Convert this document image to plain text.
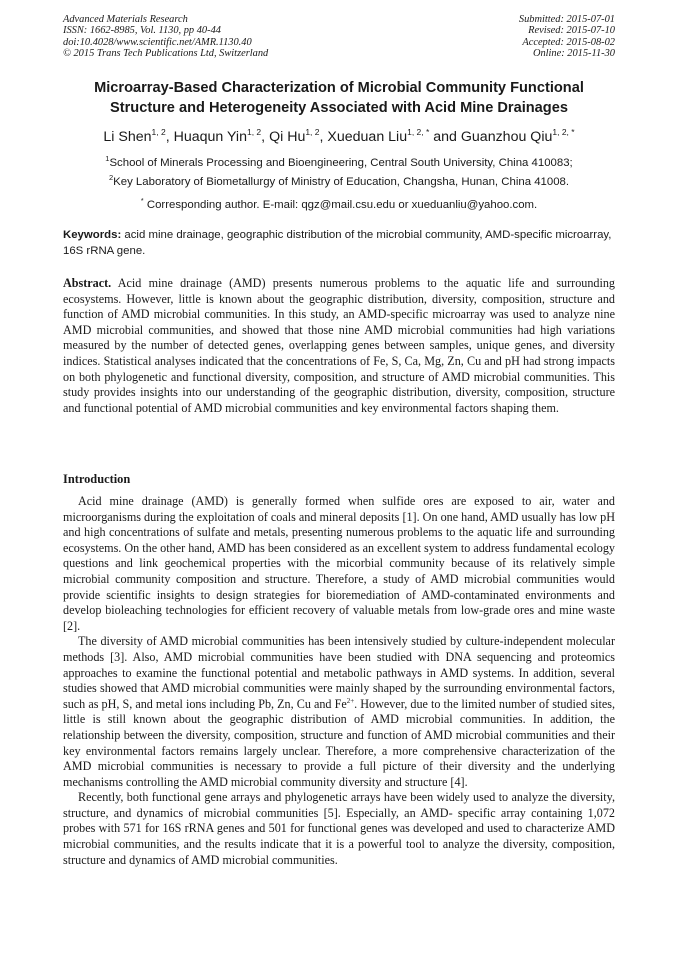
Advanced Materials Research
ISSN: 1662-8985, Vol. 1130, pp 40-44
doi:10.4028/www.scientific.net/AMR.1130.40
© 2015 Trans Tech Publications Ltd, Switzerland
Submitted: 2015-07-01
Revised: 2015-07-10
Accepted: 2015-08-02
Online: 2015-11-30
Microarray-Based Characterization of Microbial Community Functional
Structure and Heterogeneity Associated with Acid Mine Drainages
Li Shen$^{1, 2}$, Huaqun Yin$^{1, 2}$, Qi Hu$^{1, 2}$, Xueduan Liu$^{1, 2, *}$ and Guanzhou Qiu$^{1, 2, *}$
$^1$School of Minerals Processing and Bioengineering, Central South University, China 410083;
$^2$Key Laboratory of Biometallurgy of Ministry of Education, Changsha, Hunan, China 41008.
* Corresponding author. E-mail: qgz@mail.csu.edu or xueduanliu@yahoo.com.
Keywords: acid mine drainage, geographic distribution of the microbial community, AMD-specific microarray, 16S rRNA gene.
Abstract. Acid mine drainage (AMD) presents numerous problems to the aquatic life and surrounding ecosystems. However, little is known about the geographic distribution, diversity, composition, structure and function of AMD microbial communities. In this study, an AMD-specific microarray was used to analyze nine AMD microbial communities, and showed that those nine AMD microbial communities had high variations measured by the number of detected genes, overlapping genes between samples, unique genes, and diversity indices. Statistical analyses indicated that the concentrations of Fe, S, Ca, Mg, Zn, Cu and pH had strong impacts on both phylogenetic and functional diversity, composition, and structure of AMD microbial communities. This study provides insights into our understanding of the geographic distribution, diversity, composition, structure and functional potential of AMD microbial communities and key environmental factors shaping them.
Introduction

Acid mine drainage (AMD) is generally formed when sulfide ores are exposed to air, water and microorganisms during the exploitation of coals and mineral deposits [1]. On one hand, AMD usually has low pH and high concentrations of sulfate and metals, presenting numerous problems to the aquatic life and surrounding ecosystems. On the other hand, AMD has been considered as an excellent system to address fundamental ecology questions and link geochemical properties with the micorbial community because of its relatively simple microbial community composition and structure. Therefore, a study of AMD microbial communities would provide scientific insights to design strategies for bioremediation of AMD-contaminated environments and develop bioleaching technologies for efficient recovery of valuable metals from low-grade ores and mine waste [2].

The diversity of AMD microbial communities has been intensively studied by culture-independent molecular methods [3]. Also, AMD microbial communities have been studied with DNA sequencing and proteomics approaches to examine the functional potential and metabolic pathways in AMD systems. In addition, several studies showed that AMD microbial communities were mainly shaped by the surrounding environmental factors, such as pH, S, and metal ions including Pb, Zn, Cu and $Fe^{2+}$. However, due to the limited number of studied sites, little is still known about the geographic distribution of AMD microbial communities. In addition, the relationship between the diversity, composition, structure and function of AMD microbial communities and their key environmental factors remains largely unclear. Therefore, a more comprehensive characterization of the AMD microbial communities is necessary to provide a full picture of their diversity and the underlying mechanisms controlling the AMD microbial community diversity and structure [4].

Recently, both functional gene arrays and phylogenetic arrays have been widely used to analyze the diversity, structure, and dynamics of microbial communities [5]. Especially, an AMD- specific array containing 1,072 probes with 571 for 16S rRNA genes and 501 for functional genes was developed and used to characterize AMD microbial communities, and the results indicate that it is a powerful tool to analyze the diversity, composition, structure and dynamics of AMD microbial communities.
